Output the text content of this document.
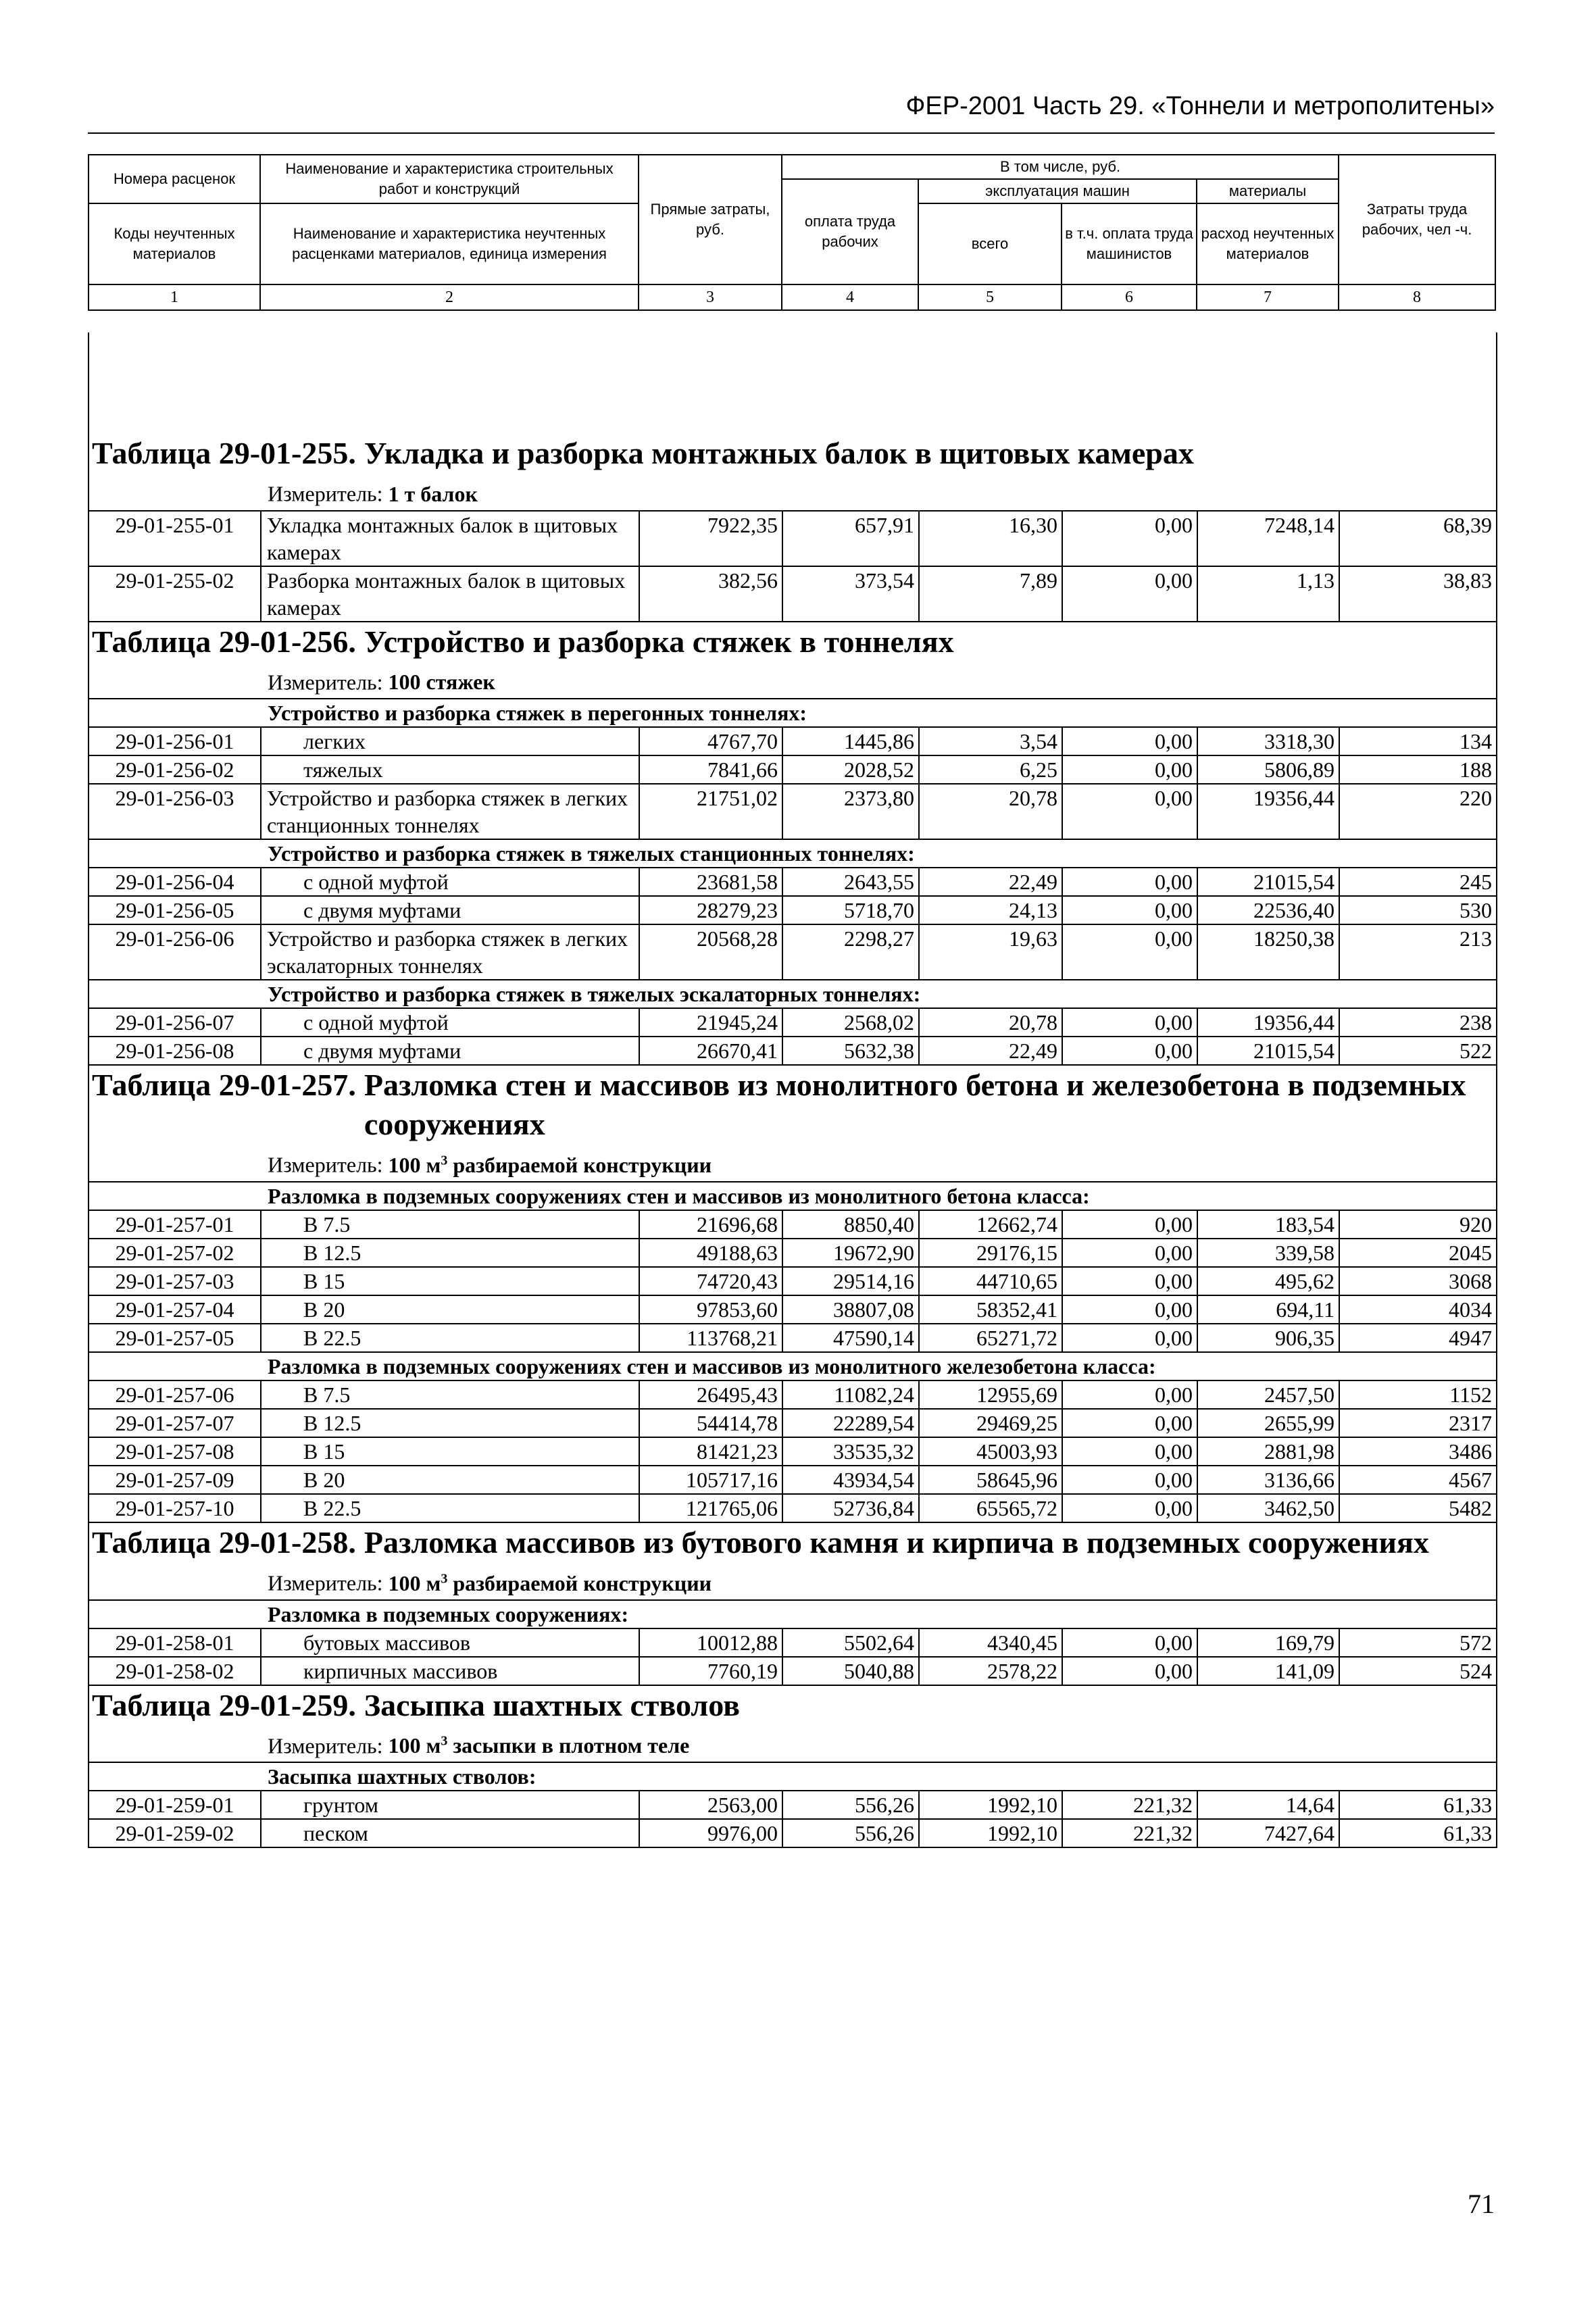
ФЕР-2001 Часть 29. «Тоннели и метрополитены»
Номера расценок	Наименование и характеристика строительных работ и конструкций	Прямые затраты, руб.	В том числе, руб.				Затраты труда рабочих, чел -ч.
			оплата труда рабочих	эксплуатация машин		материалы	
Коды неучтенных материалов	Наименование и характеристика неучтенных расценками материалов, единица измерения			всего	в т.ч. оплата труда машинистов	расход неучтенных материалов	

1	2	3	4	5	6	7	8
Таблица 29-01-255. Укладка и разборка монтажных балок в щитовых камерах
Измеритель: 1 т балок
29-01-255-01	Укладка монтажных балок в щитовых камерах	7922,35	657,91	16,30	0,00	7248,14	68,39
29-01-255-02	Разборка монтажных балок в щитовых камерах	382,56	373,54	7,89	0,00	1,13	38,83
Таблица 29-01-256. Устройство и разборка стяжек в тоннелях
Измеритель: 100 стяжек
Устройство и разборка стяжек в перегонных тоннелях:							
29-01-256-01	легких	4767,70	1445,86	3,54	0,00	3318,30	134
29-01-256-02	тяжелых	7841,66	2028,52	6,25	0,00	5806,89	188
29-01-256-03	Устройство и разборка стяжек в легких станционных тоннелях	21751,02	2373,80	20,78	0,00	19356,44	220
Устройство и разборка стяжек в тяжелых станционных тоннелях:							
29-01-256-04	с одной муфтой	23681,58	2643,55	22,49	0,00	21015,54	245
29-01-256-05	с двумя муфтами	28279,23	5718,70	24,13	0,00	22536,40	530
29-01-256-06	Устройство и разборка стяжек в легких эскалаторных тоннелях	20568,28	2298,27	19,63	0,00	18250,38	213
Устройство и разборка стяжек в тяжелых эскалаторных тоннелях:							
29-01-256-07	с одной муфтой	21945,24	2568,02	20,78	0,00	19356,44	238
29-01-256-08	с двумя муфтами	26670,41	5632,38	22,49	0,00	21015,54	522
Таблица 29-01-257. Разломка стен и массивов из монолитного бетона и железобетона в подземных сооружениях
Измеритель: 100 $м^3$ разбираемой конструкции
Разломка в подземных сооружениях стен и массивов из монолитного бетона класса:							
29-01-257-01	В 7.5	21696,68	8850,40	12662,74	0,00	183,54	920
29-01-257-02	В 12.5	49188,63	19672,90	29176,15	0,00	339,58	2045
29-01-257-03	В 15	74720,43	29514,16	44710,65	0,00	495,62	3068
29-01-257-04	В 20	97853,60	38807,08	58352,41	0,00	694,11	4034
29-01-257-05	В 22.5	113768,21	47590,14	65271,72	0,00	906,35	4947
Разломка в подземных сооружениях стен и массивов из монолитного железобетона класса:							
29-01-257-06	В 7.5	26495,43	11082,24	12955,69	0,00	2457,50	1152
29-01-257-07	В 12.5	54414,78	22289,54	29469,25	0,00	2655,99	2317
29-01-257-08	В 15	81421,23	33535,32	45003,93	0,00	2881,98	3486
29-01-257-09	В 20	105717,16	43934,54	58645,96	0,00	3136,66	4567
29-01-257-10	В 22.5	121765,06	52736,84	65565,72	0,00	3462,50	5482
Таблица 29-01-258. Разломка массивов из бутового камня и кирпича в подземных сооружениях
Измеритель: 100 $м^3$ разбираемой конструкции
Разломка в подземных сооружениях:							
29-01-258-01	бутовых массивов	10012,88	5502,64	4340,45	0,00	169,79	572
29-01-258-02	кирпичных массивов	7760,19	5040,88	2578,22	0,00	141,09	524
Таблица 29-01-259. Засыпка шахтных стволов
Измеритель: 100 $м^3$ засыпки в плотном теле
Засыпка шахтных стволов:							
29-01-259-01	грунтом	2563,00	556,26	1992,10	221,32	14,64	61,33
29-01-259-02	песком	9976,00	556,26	1992,10	221,32	7427,64	61,33
71
